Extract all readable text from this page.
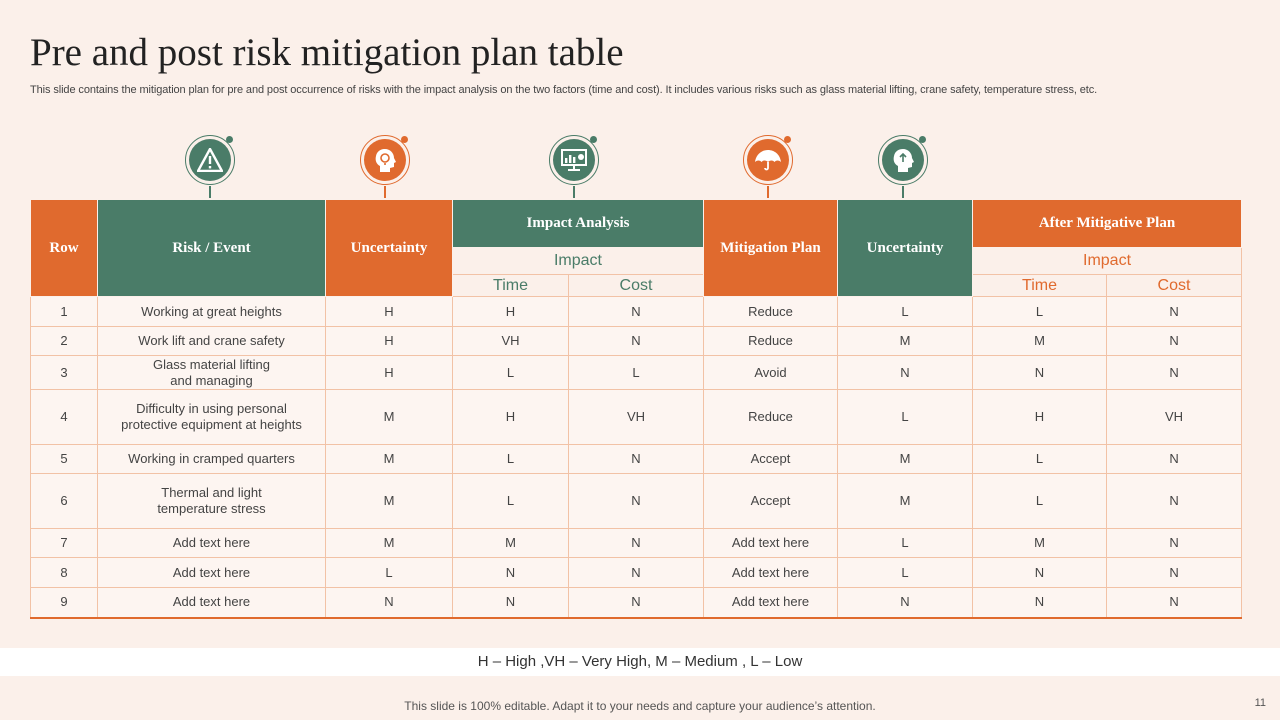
Pre and post risk mitigation plan table

This slide contains the mitigation plan for pre and post occurrence of risks with the impact analysis on the two factors (time and cost). It includes various risks such as glass material lifting, crane safety, temperature stress, etc.

Row	Risk / Event	Uncertainty	Impact Analysis		Mitigation Plan	Uncertainty	After Mitigative Plan	
			Impact				Impact	
			Time	Cost			Time	Cost
1	Working at great heights	H	H	N	Reduce	L	L	N
2	Work lift and crane safety	H	VH	N	Reduce	M	M	N
3	Glass material lifting
and managing	H	L	L	Avoid	N	N	N
4	Difficulty in using personal
protective equipment at heights	M	H	VH	Reduce	L	H	VH
5	Working in cramped quarters	M	L	N	Accept	M	L	N
6	Thermal and light
temperature stress	M	L	N	Accept	M	L	N
7	Add text here	M	M	N	Add text here	L	M	N
8	Add text here	L	N	N	Add text here	L	N	N
9	Add text here	N	N	N	Add text here	N	N	N
H – High ,VH – Very High, M – Medium , L – Low
This slide is 100% editable. Adapt it to your needs and capture your audience’s attention.	11
